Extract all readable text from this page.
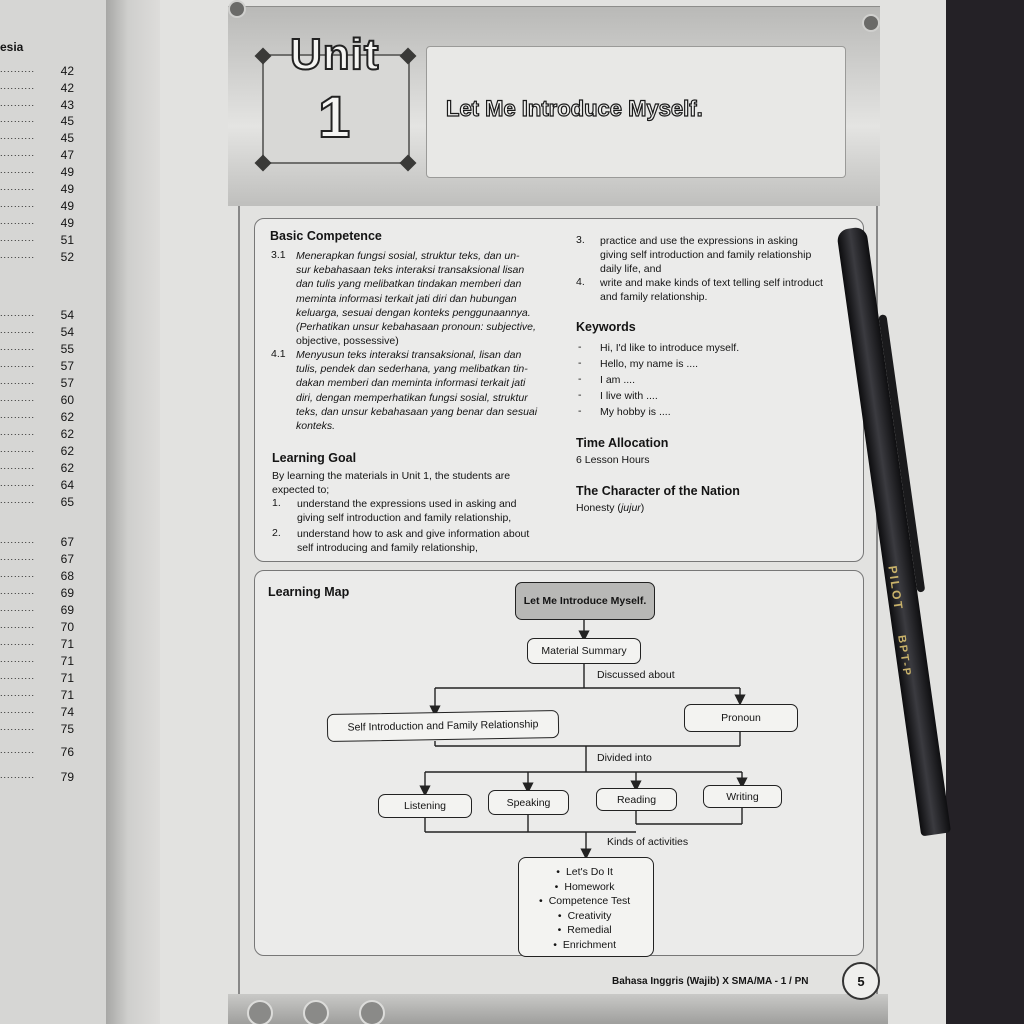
esia
.......... 42
.......... 42
.......... 43
.......... 45
.......... 45
.......... 47
.......... 49
.......... 49
.......... 49
.......... 49
.......... 51
.......... 52
.......... 54
.......... 54
.......... 55
.......... 57
.......... 57
.......... 60
.......... 62
.......... 62
.......... 62
.......... 62
.......... 64
.......... 65
.......... 67
.......... 67
.......... 68
.......... 69
.......... 69
.......... 70
.......... 71
.......... 71
.......... 71
.......... 71
.......... 74
.......... 75
.......... 76
.......... 79
Unit
1	Let Me Introduce Myself.
Basic Competence
3.1 Menerapkan fungsi sosial, struktur teks, dan un-
sur kebahasaan teks interaksi transaksional lisan
dan tulis yang melibatkan tindakan memberi dan
meminta informasi terkait jati diri dan hubungan
keluarga, sesuai dengan konteks penggunaannya.
(Perhatikan unsur kebahasaan pronoun: subjective,
objective, possessive)
4.1 Menyusun teks interaksi transaksional, lisan dan
tulis, pendek dan sederhana, yang melibatkan tin-
dakan memberi dan meminta informasi terkait jati
diri, dengan memperhatikan fungsi sosial, struktur
teks, dan unsur kebahasaan yang benar dan sesuai
konteks.
Learning Goal
By learning the materials in Unit 1, the students are
expected to;
1. understand the expressions used in asking and
giving self introduction and family relationship,
2. understand how to ask and give information about
self introducing and family relationship,
3. practice and use the expressions in asking
giving self introduction and family relationship
daily life, and
4. write and make kinds of text telling self introduct
and family relationship.
Keywords
- Hi, I'd like to introduce myself.
- Hello, my name is ....
- I am ....
- I live with ....
- My hobby is ....
Time Allocation
6 Lesson Hours
The Character of the Nation
Honesty (jujur)
Learning Map
Let Me Introduce Myself.
Material Summary
Discussed about
Self Introduction and Family Relationship
Pronoun
Divided into
Listening	Speaking	Reading	Writing
Kinds of activities
• Let's Do It
• Homework
• Competence Test
• Creativity
• Remedial
• Enrichment
Bahasa Inggris (Wajib) X SMA/MA - 1 / PN	5
PILOT
BPT-P
